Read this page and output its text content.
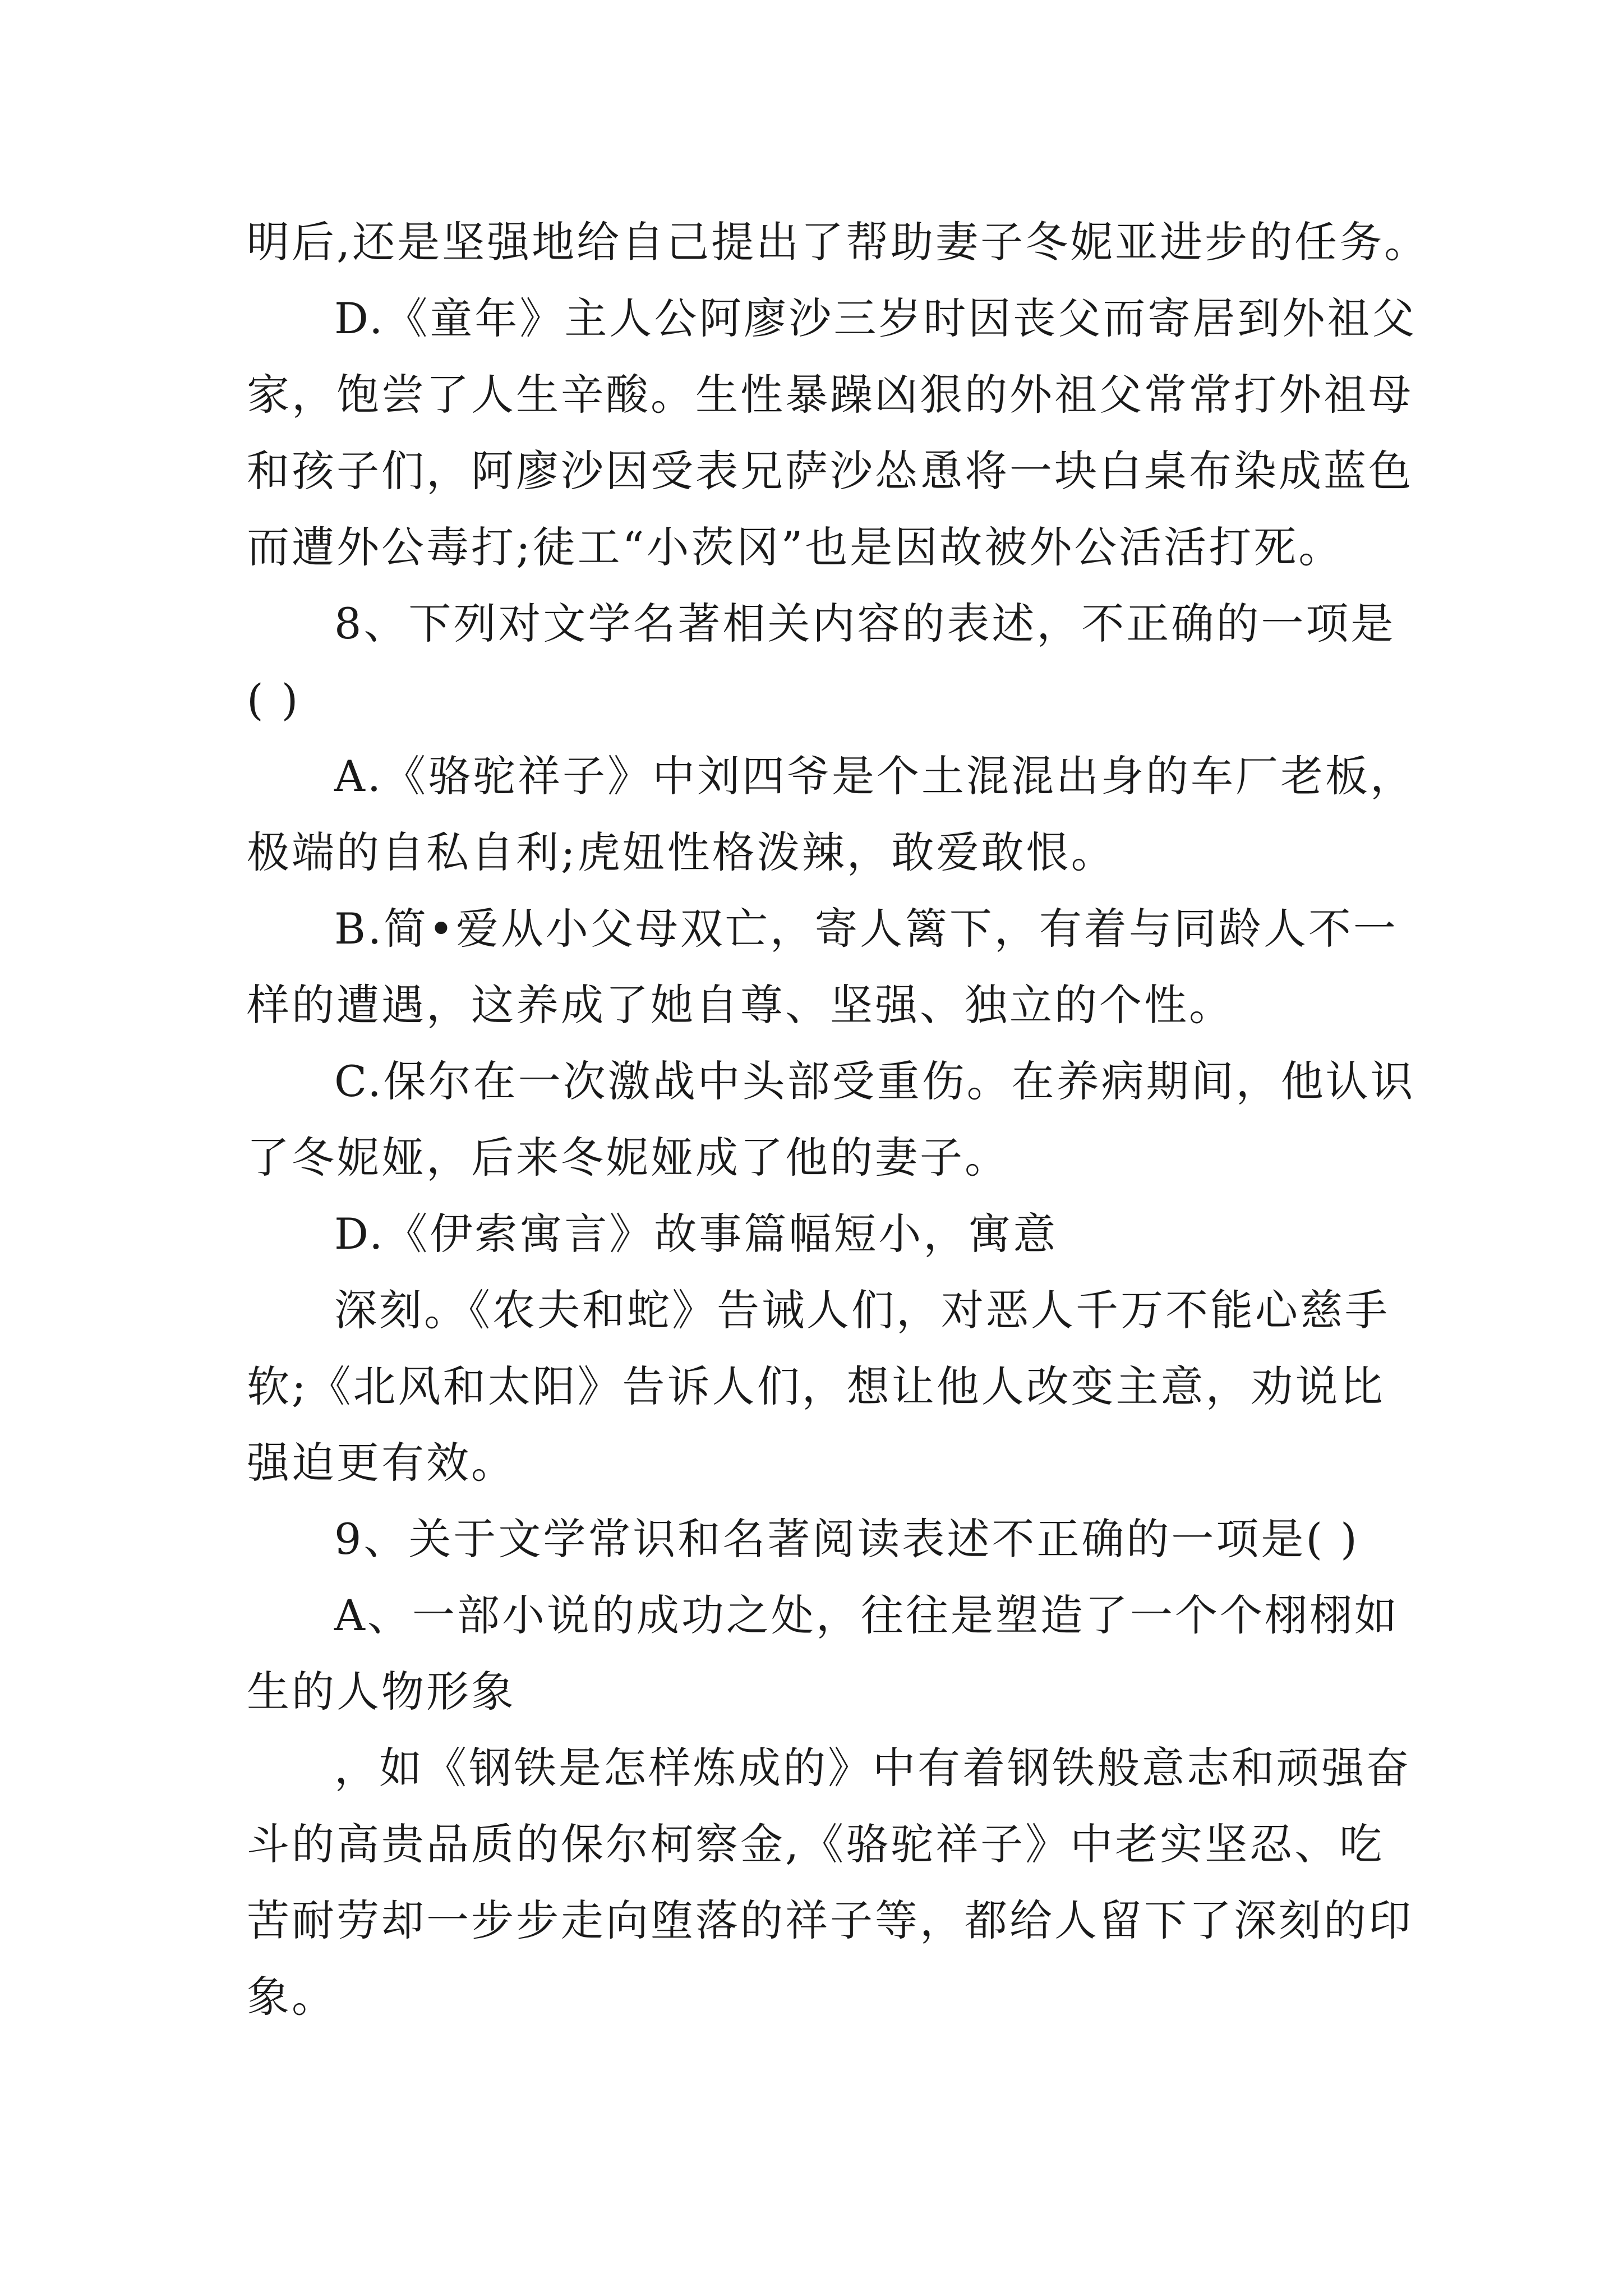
明后,还是坚强地给自己提出了帮助妻子冬妮亚进步的任务。
D.《童年》主人公阿廖沙三岁时因丧父而寄居到外祖父
家，饱尝了人生辛酸。生性暴躁凶狠的外祖父常常打外祖母
和孩子们，阿廖沙因受表兄萨沙怂恿将一块白桌布染成蓝色
而遭外公毒打;徒工“小茨冈”也是因故被外公活活打死。
8、下列对文学名著相关内容的表述，不正确的一项是
( )
A.《骆驼祥子》中刘四爷是个土混混出身的车厂老板，
极端的自私自利;虎妞性格泼辣，敢爱敢恨。
B.简•爱从小父母双亡，寄人篱下，有着与同龄人不一
样的遭遇，这养成了她自尊、坚强、独立的个性。
C.保尔在一次激战中头部受重伤。在养病期间，他认识
了冬妮娅，后来冬妮娅成了他的妻子。
D.《伊索寓言》故事篇幅短小，寓意
深刻。《农夫和蛇》告诫人们，对恶人千万不能心慈手
软;《北风和太阳》告诉人们，想让他人改变主意，劝说比
强迫更有效。
9、关于文学常识和名著阅读表述不正确的一项是( )
A、一部小说的成功之处，往往是塑造了一个个栩栩如
生的人物形象
，如《钢铁是怎样炼成的》中有着钢铁般意志和顽强奋
斗的高贵品质的保尔柯察金,《骆驼祥子》中老实坚忍、吃
苦耐劳却一步步走向堕落的祥子等，都给人留下了深刻的印
象。
